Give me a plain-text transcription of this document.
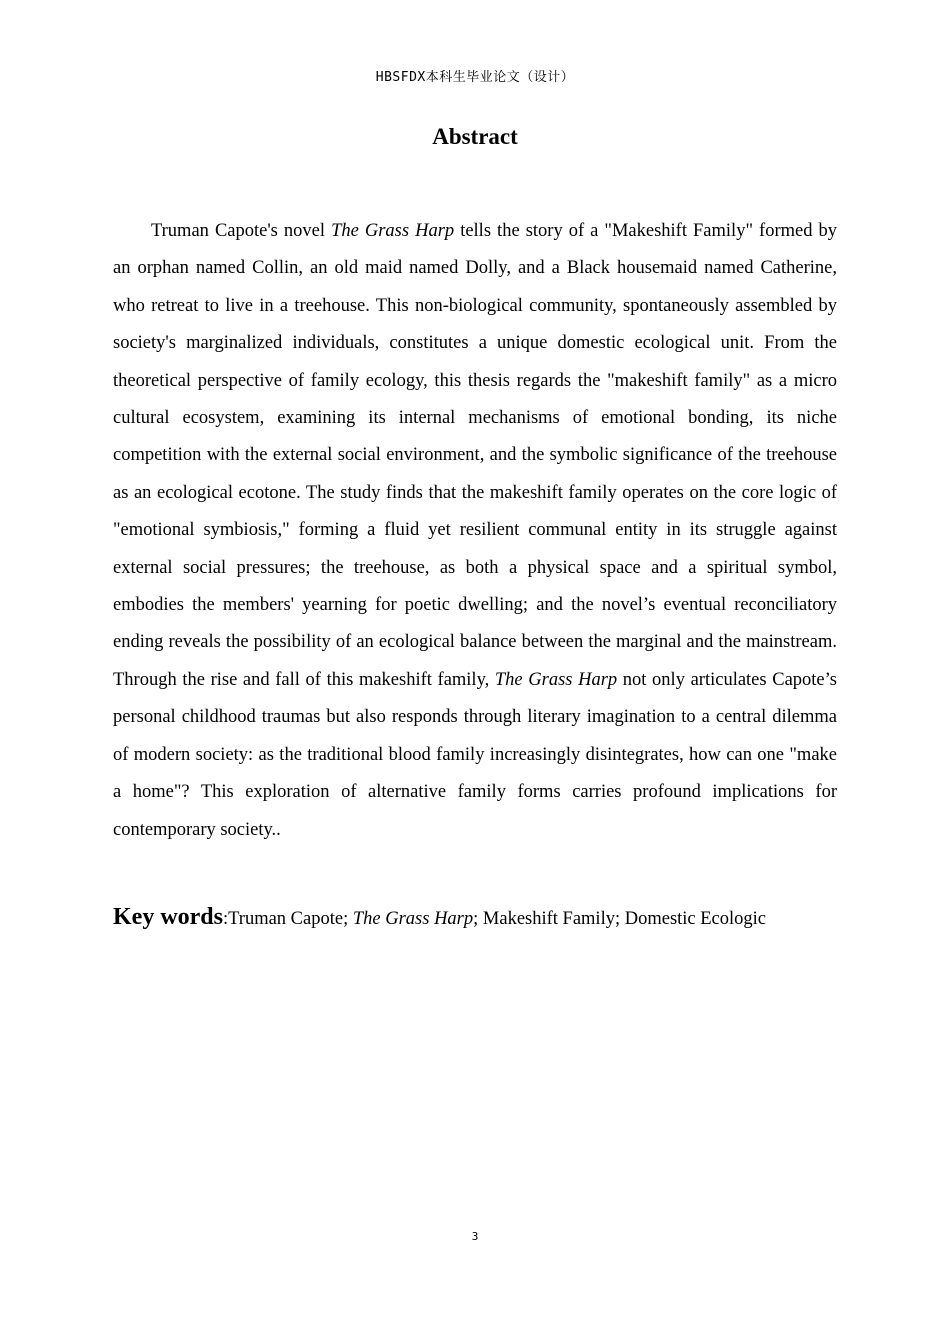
HBSFDX本科生毕业论文（设计）
Abstract

Truman Capote's novel The Grass Harp tells the story of a "Makeshift Family" formed by an orphan named Collin, an old maid named Dolly, and a Black housemaid named Catherine, who retreat to live in a treehouse. This non-biological community, spontaneously assembled by society's marginalized individuals, constitutes a unique domestic ecological unit. From the theoretical perspective of family ecology, this thesis regards the "makeshift family" as a micro cultural ecosystem, examining its internal mechanisms of emotional bonding, its niche competition with the external social environment, and the symbolic significance of the treehouse as an ecological ecotone. The study finds that the makeshift family operates on the core logic of "emotional symbiosis," forming a fluid yet resilient communal entity in its struggle against external social pressures; the treehouse, as both a physical space and a spiritual symbol, embodies the members' yearning for poetic dwelling; and the novel’s eventual reconciliatory ending reveals the possibility of an ecological balance between the marginal and the mainstream. Through the rise and fall of this makeshift family, The Grass Harp not only articulates Capote’s personal childhood traumas but also responds through literary imagination to a central dilemma of modern society: as the traditional blood family increasingly disintegrates, how can one "make a home"? This exploration of alternative family forms carries profound implications for contemporary society..

Key words:Truman Capote; The Grass Harp; Makeshift Family; Domestic Ecologic
3
